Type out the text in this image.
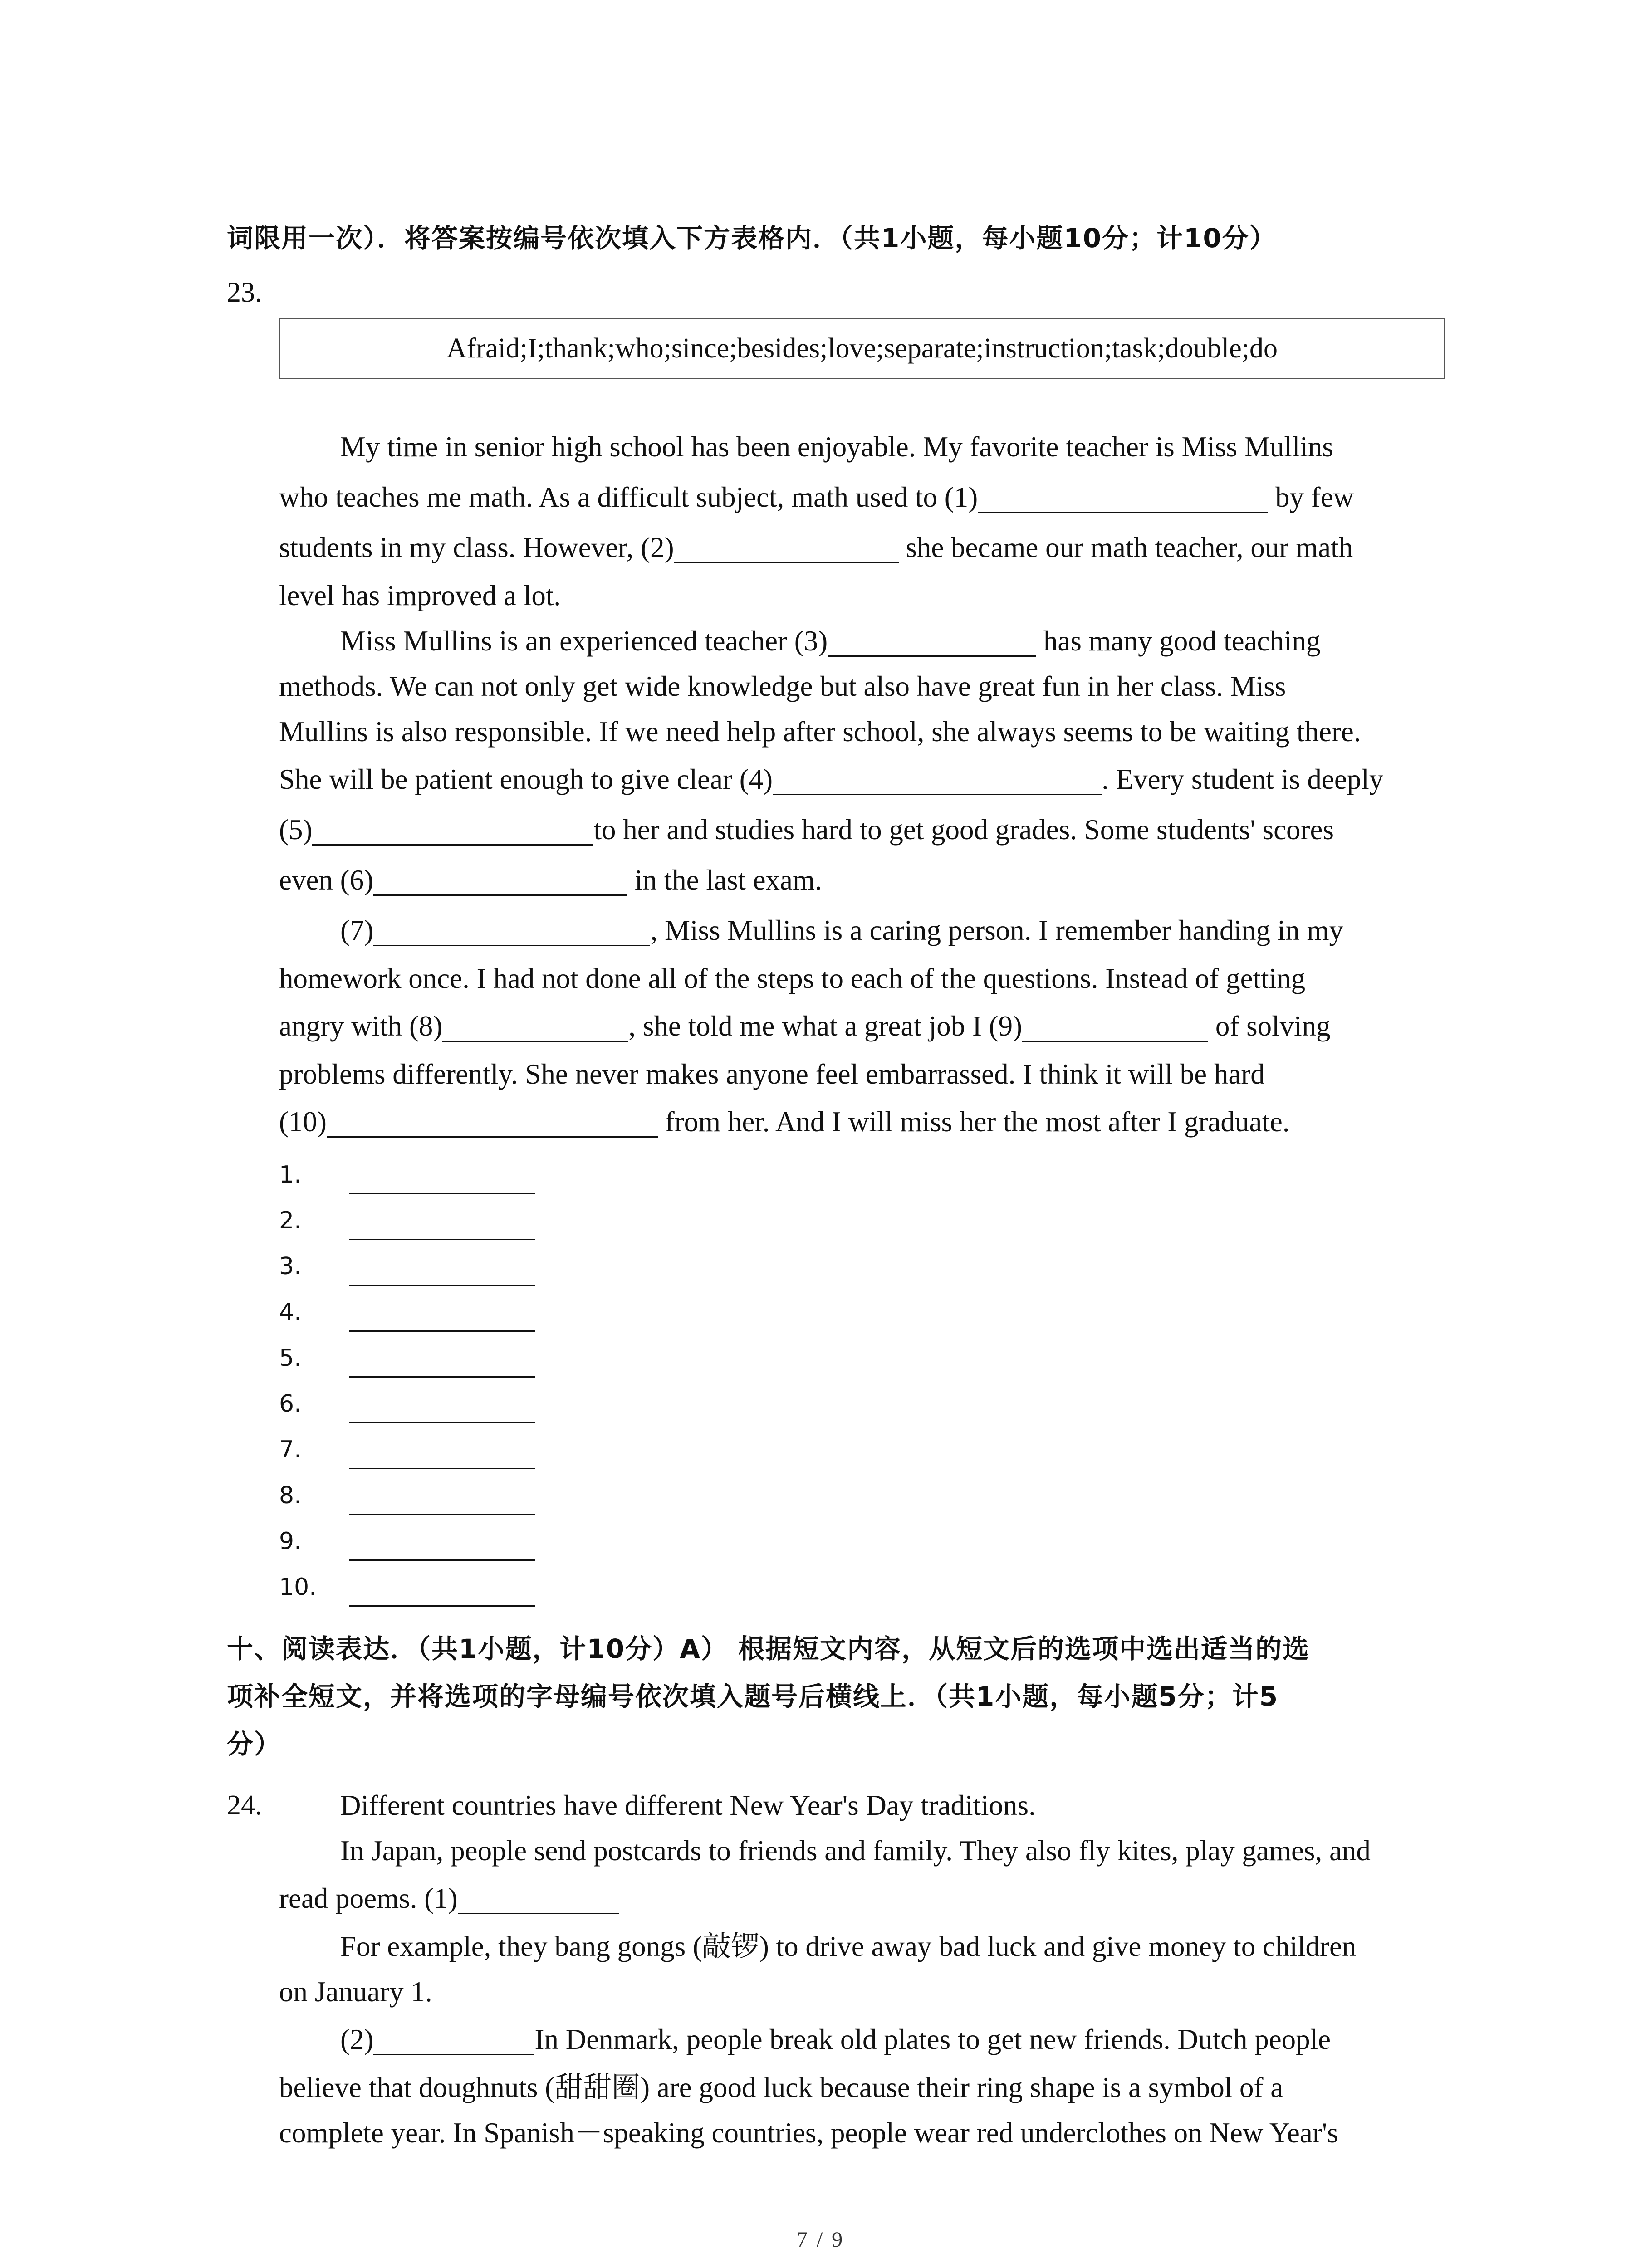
词限用一次）．将答案按编号依次填入下方表格内．（共1小题，每小题10分；计10分）
23.
Afraid;I;thank;who;since;besides;love;separate;instruction;task;double;do
My time in senior high school has been enjoyable. My favorite teacher is Miss Mullins
who teaches me math. As a difficult subject, math used to (1)	by few
students in my class. However, (2)	she became our math teacher, our math
level has improved a lot.
Miss Mullins is an experienced teacher (3)	has many good teaching
methods. We can not only get wide knowledge but also have great fun in her class. Miss
Mullins is also responsible. If we need help after school, she always seems to be waiting there.
She will be patient enough to give clear (4)	. Every student is deeply
(5)	to her and studies hard to get good grades. Some students' scores
even (6)	in the last exam.
(7)	, Miss Mullins is a caring person. I remember handing in my
homework once. I had not done all of the steps to each of the questions. Instead of getting
angry with (8)	, she told me what a great job I (9)	of solving
problems differently. She never makes anyone feel embarrassed. I think it will be hard
(10)	from her. And I will miss her the most after I graduate.
1.
2.
3.
4.
5.
6.
7.
8.
9.
10.
十、阅读表达．（共1小题，计10分）A） 根据短文内容，从短文后的选项中选出适当的选
项补全短文，并将选项的字母编号依次填入题号后横线上．（共1小题，每小题5分；计5
分）
24.	Different countries have different New Year's Day traditions.
In Japan, people send postcards to friends and family. They also fly kites, play games, and
read poems. (1)
For example, they bang gongs (敲锣) to drive away bad luck and give money to children
on January 1.
(2)	In Denmark, people break old plates to get new friends. Dutch people
believe that doughnuts (甜甜圈) are good luck because their ring shape is a symbol of a
complete year. In Spanish－speaking countries, people wear red underclothes on New Year's
7 / 9
